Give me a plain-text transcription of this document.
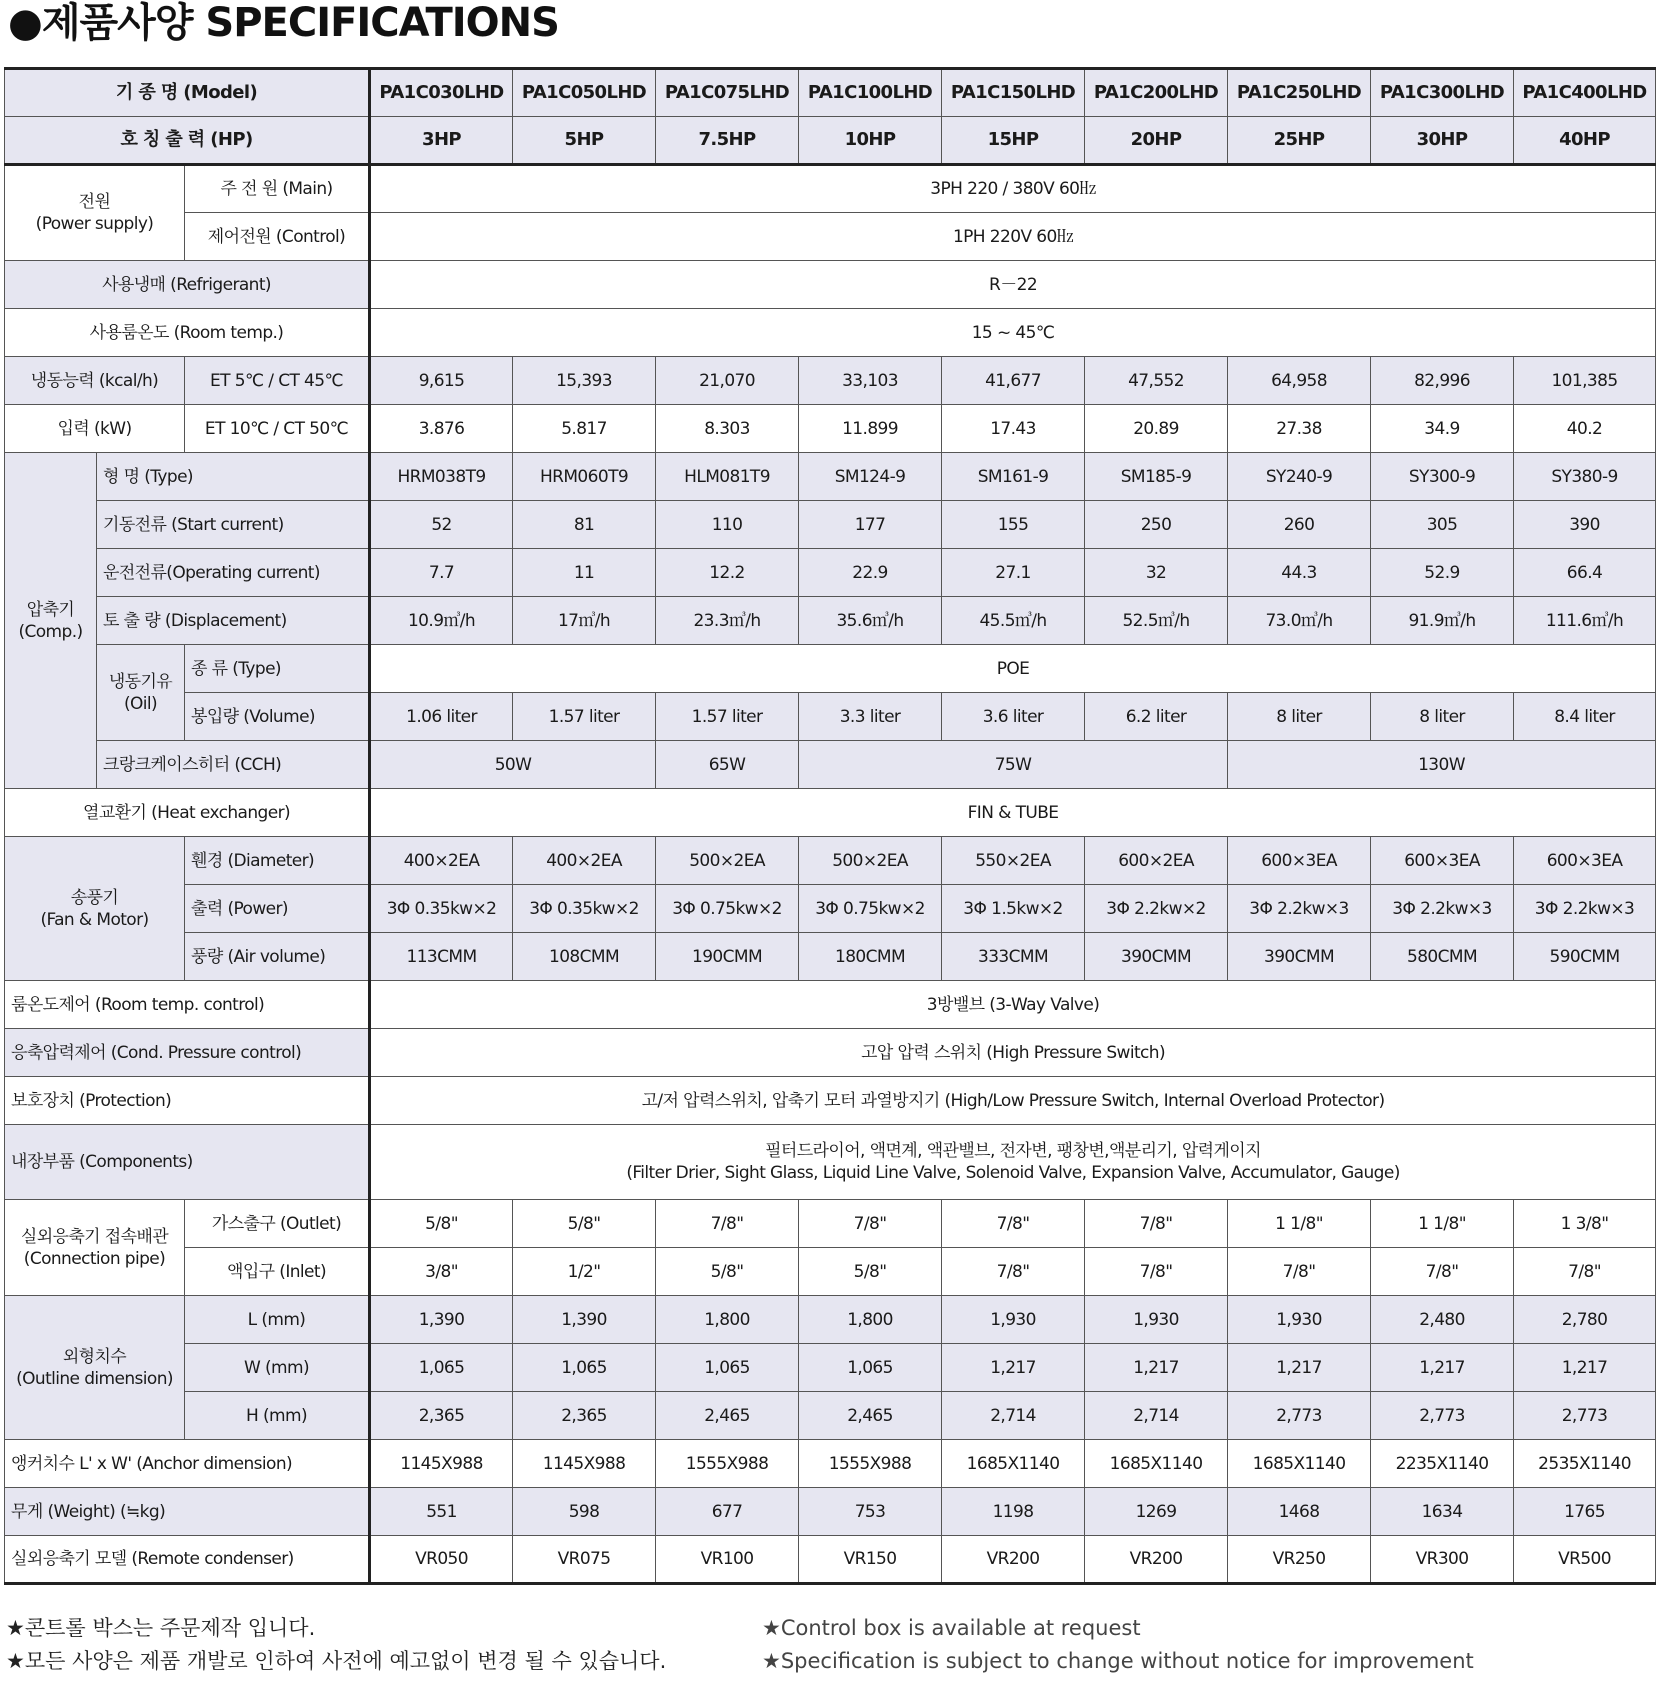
●제품사양 SPECIFICATIONS
기 종 명 (Model)			PA1C030LHD	PA1C050LHD	PA1C075LHD	PA1C100LHD	PA1C150LHD	PA1C200LHD	PA1C250LHD	PA1C300LHD	PA1C400LHD
호 칭 출 력 (HP)			3HP	5HP	7.5HP	10HP	15HP	20HP	25HP	30HP	40HP

전원
(Power supply)		주 전 원 (Main)	3PH 220 / 380V 60㎐								
		제어전원 (Control)	1PH 220V 60㎐								
사용냉매 (Refrigerant)			R－22								
사용룸온도 (Room temp.)			15 ~ 45℃								
냉동능력 (kcal/h)		ET 5℃ / CT 45℃	9,615	15,393	21,070	33,103	41,677	47,552	64,958	82,996	101,385
입력 (kW)		ET 10℃ / CT 50℃	3.876	5.817	8.303	11.899	17.43	20.89	27.38	34.9	40.2

압축기
(Comp.)	형 명 (Type)		HRM038T9	HRM060T9	HLM081T9	SM124-9	SM161-9	SM185-9	SY240-9	SY300-9	SY380-9
	기동전류 (Start current)		52	81	110	177	155	250	260	305	390
	운전전류(Operating current)		7.7	11	12.2	22.9	27.1	32	44.3	52.9	66.4
	토 출 량 (Displacement)		10.9㎥/h	17㎥/h	23.3㎥/h	35.6㎥/h	45.5㎥/h	52.5㎥/h	73.0㎥/h	91.9㎥/h	111.6㎥/h

	냉동기유
(Oil)	종 류 (Type)	POE								
		봉입량 (Volume)	1.06 liter	1.57 liter	1.57 liter	3.3 liter	3.6 liter	6.2 liter	8 liter	8 liter	8.4 liter
	크랑크케이스히터 (CCH)		50W		65W	75W			130W		
열교환기 (Heat exchanger)			FIN & TUBE								

송풍기
(Fan & Motor)		휀경 (Diameter)	400×2EA	400×2EA	500×2EA	500×2EA	550×2EA	600×2EA	600×3EA	600×3EA	600×3EA
		출력 (Power)	3Φ 0.35kw×2	3Φ 0.35kw×2	3Φ 0.75kw×2	3Φ 0.75kw×2	3Φ 1.5kw×2	3Φ 2.2kw×2	3Φ 2.2kw×3	3Φ 2.2kw×3	3Φ 2.2kw×3
		풍량 (Air volume)	113CMM	108CMM	190CMM	180CMM	333CMM	390CMM	390CMM	580CMM	590CMM
룸온도제어 (Room temp. control)			3방밸브 (3-Way Valve)								
응축압력제어 (Cond. Pressure control)			고압 압력 스위치 (High Pressure Switch)								
보호장치 (Protection)			고/저 압력스위치, 압축기 모터 과열방지기 (High/Low Pressure Switch, Internal Overload Protector)								
내장부품 (Components)			필터드라이어, 액면계, 액관밸브, 전자변, 팽창변,액분리기, 압력게이지
(Filter Drier, Sight Glass, Liquid Line Valve, Solenoid Valve, Expansion Valve, Accumulator, Gauge)								

실외응축기 접속배관
(Connection pipe)		가스출구 (Outlet)	5/8"	5/8"	7/8"	7/8"	7/8"	7/8"	1 1/8"	1 1/8"	1 3/8"
		액입구 (Inlet)	3/8"	1/2"	5/8"	5/8"	7/8"	7/8"	7/8"	7/8"	7/8"

외형치수
(Outline dimension)		L (mm)	1,390	1,390	1,800	1,800	1,930	1,930	1,930	2,480	2,780
		W (mm)	1,065	1,065	1,065	1,065	1,217	1,217	1,217	1,217	1,217
		H (mm)	2,365	2,365	2,465	2,465	2,714	2,714	2,773	2,773	2,773
앵커치수 L' x W' (Anchor dimension)			1145X988	1145X988	1555X988	1555X988	1685X1140	1685X1140	1685X1140	2235X1140	2535X1140
무게 (Weight) (≒kg)			551	598	677	753	1198	1269	1468	1634	1765
실외응축기 모델 (Remote condenser)			VR050	VR075	VR100	VR150	VR200	VR200	VR250	VR300	VR500
★콘트롤 박스는 주문제작 입니다.
★모든 사양은 제품 개발로 인하여 사전에 예고없이 변경 될 수 있습니다.
★Control box is available at request
★Specification is subject to change without notice for improvement
